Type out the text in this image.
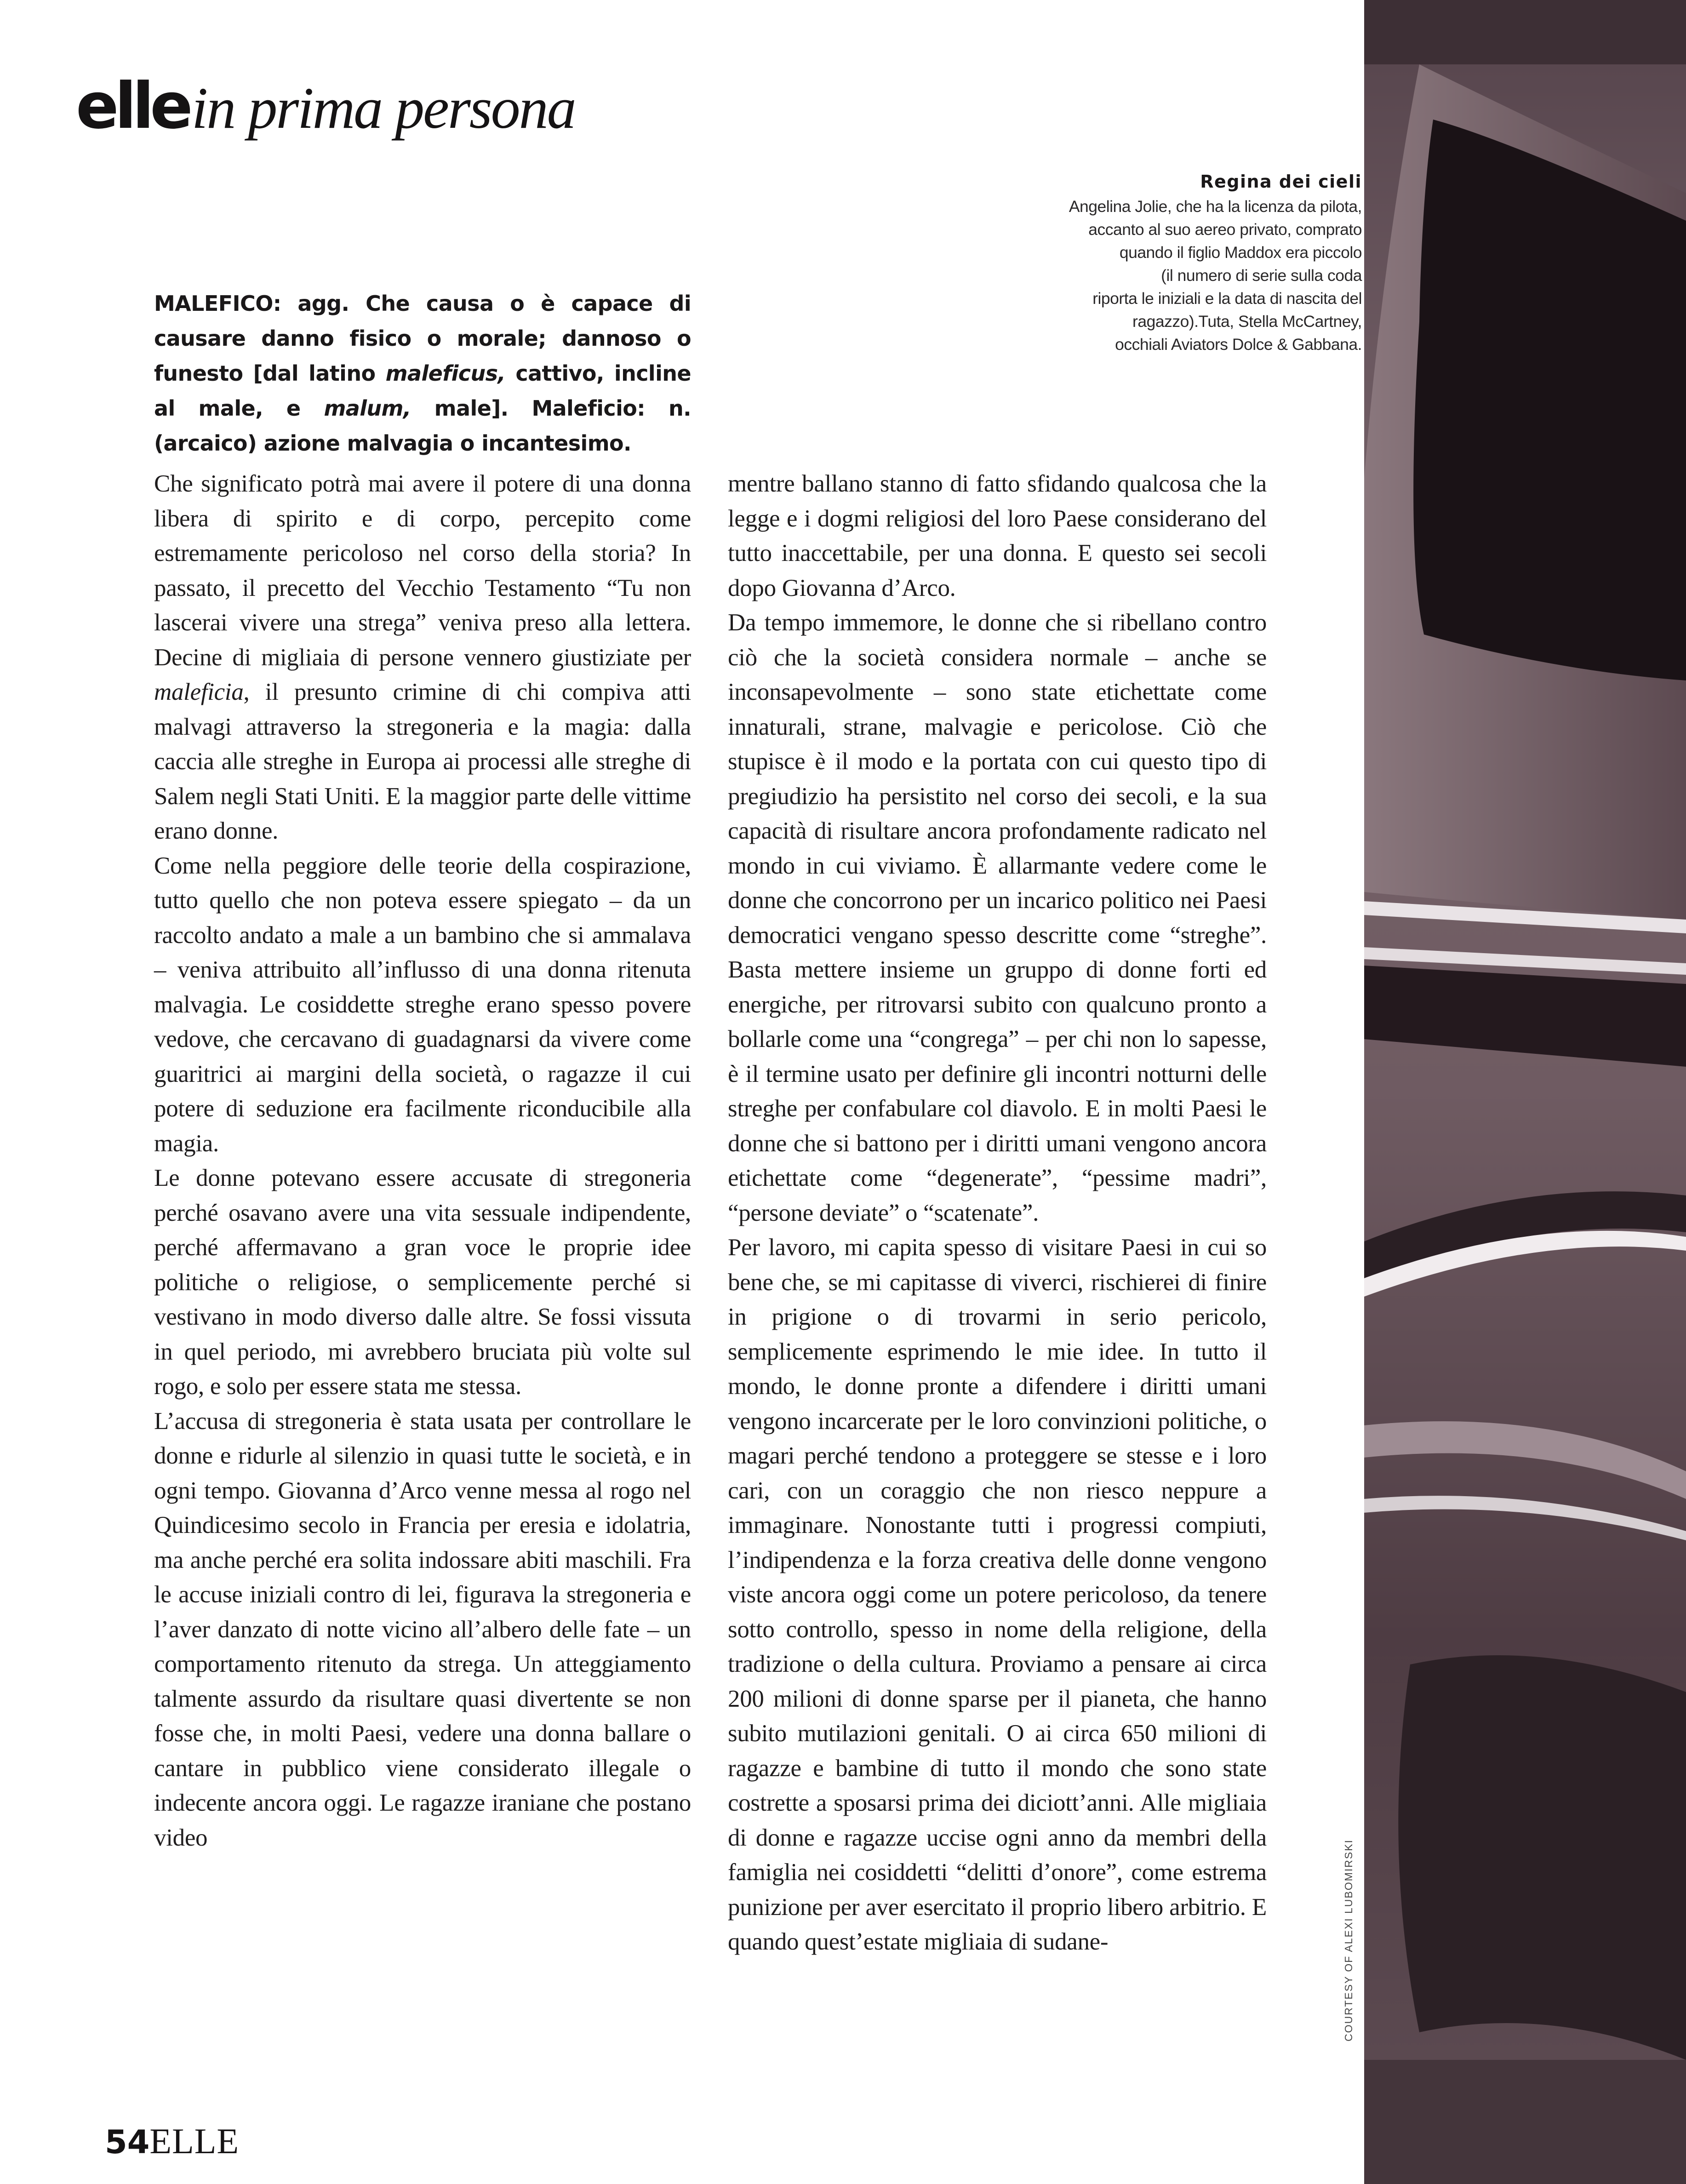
ellein prima persona
Regina dei cieli
Angelina Jolie, che ha la licenza da pilota,
accanto al suo aereo privato, comprato
quando il figlio Maddox era piccolo
(il numero di serie sulla coda
riporta le iniziali e la data di nascita del
ragazzo).Tuta, Stella McCartney,
occhiali Aviators Dolce & Gabbana.
MALEFICO: agg. Che causa o è capace di causare danno fisico o morale; dannoso o funesto [dal latino maleficus, cattivo, incline al male, e malum, male]. Maleficio: n. (arcaico) azione malvagia o incantesimo.

Che significato potrà mai avere il potere di una donna libera di spirito e di corpo, percepito come estremamente pericoloso nel corso della storia? In passato, il precetto del Vecchio Testamento “Tu non lascerai vivere una strega” veniva preso alla lettera. Decine di migliaia di persone vennero giustiziate per maleficia, il presunto crimine di chi compiva atti malvagi attraverso la stregoneria e la magia: dalla caccia alle streghe in Europa ai processi alle streghe di Salem negli Stati Uniti. E la maggior parte delle vittime erano donne.

Come nella peggiore delle teorie della cospirazione, tutto quello che non poteva essere spiegato – da un raccolto andato a male a un bambino che si ammalava – veniva attribuito all’influsso di una donna ritenuta malvagia. Le cosiddette streghe erano spesso povere vedove, che cercavano di guadagnarsi da vivere come guaritrici ai margini della società, o ragazze il cui potere di seduzione era facilmente riconducibile alla magia.

Le donne potevano essere accusate di stregoneria perché osavano avere una vita sessuale indipendente, perché affermavano a gran voce le proprie idee politiche o religiose, o semplicemente perché si vestivano in modo diverso dalle altre. Se fossi vissuta in quel periodo, mi avrebbero bruciata più volte sul rogo, e solo per essere stata me stessa.

L’accusa di stregoneria è stata usata per controllare le donne e ridurle al silenzio in quasi tutte le società, e in ogni tempo. Giovanna d’Arco venne messa al rogo nel Quindicesimo secolo in Francia per eresia e idolatria, ma anche perché era solita indossare abiti maschili. Fra le accuse iniziali contro di lei, figurava la stregoneria e l’aver danzato di notte vicino all’albero delle fate – un comportamento ritenuto da strega. Un atteggiamento talmente assurdo da risultare quasi divertente se non fosse che, in molti Paesi, vedere una donna ballare o cantare in pubblico viene considerato illegale o indecente ancora oggi. Le ragazze iraniane che postano video

mentre ballano stanno di fatto sfidando qualcosa che la legge e i dogmi religiosi del loro Paese considerano del tutto inaccettabile, per una donna. E questo sei secoli dopo Giovanna d’Arco.

Da tempo immemore, le donne che si ribellano contro ciò che la società considera normale – anche se inconsapevolmente – sono state etichettate come innaturali, strane, malvagie e pericolose. Ciò che stupisce è il modo e la portata con cui questo tipo di pregiudizio ha persistito nel corso dei secoli, e la sua capacità di risultare ancora profondamente radicato nel mondo in cui viviamo. È allarmante vedere come le donne che concorrono per un incarico politico nei Paesi democratici vengano spesso descritte come “streghe”. Basta mettere insieme un gruppo di donne forti ed energiche, per ritrovarsi subito con qualcuno pronto a bollarle come una “congrega” – per chi non lo sapesse, è il termine usato per definire gli incontri notturni delle streghe per confabulare col diavolo. E in molti Paesi le donne che si battono per i diritti umani vengono ancora etichettate come “degenerate”, “pessime madri”, “persone deviate” o “scatenate”.

Per lavoro, mi capita spesso di visitare Paesi in cui so bene che, se mi capitasse di viverci, rischierei di finire in prigione o di trovarmi in serio pericolo, semplicemente esprimendo le mie idee. In tutto il mondo, le donne pronte a difendere i diritti umani vengono incarcerate per le loro convinzioni politiche, o magari perché tendono a proteggere se stesse e i loro cari, con un coraggio che non riesco neppure a immaginare. Nonostante tutti i progressi compiuti, l’indipendenza e la forza creativa delle donne vengono viste ancora oggi come un potere pericoloso, da tenere sotto controllo, spesso in nome della religione, della tradizione o della cultura. Proviamo a pensare ai circa 200 milioni di donne sparse per il pianeta, che hanno subito mutilazioni genitali. O ai circa 650 milioni di ragazze e bambine di tutto il mondo che sono state costrette a sposarsi prima dei diciott’anni. Alle migliaia di donne e ragazze uccise ogni anno da membri della famiglia nei cosiddetti “delitti d’onore”, come estrema punizione per aver esercitato il proprio libero arbitrio. E quando quest’estate migliaia di sudane-	COURTESY OF ALEXI LUBOMIRSKI
54ELLE
